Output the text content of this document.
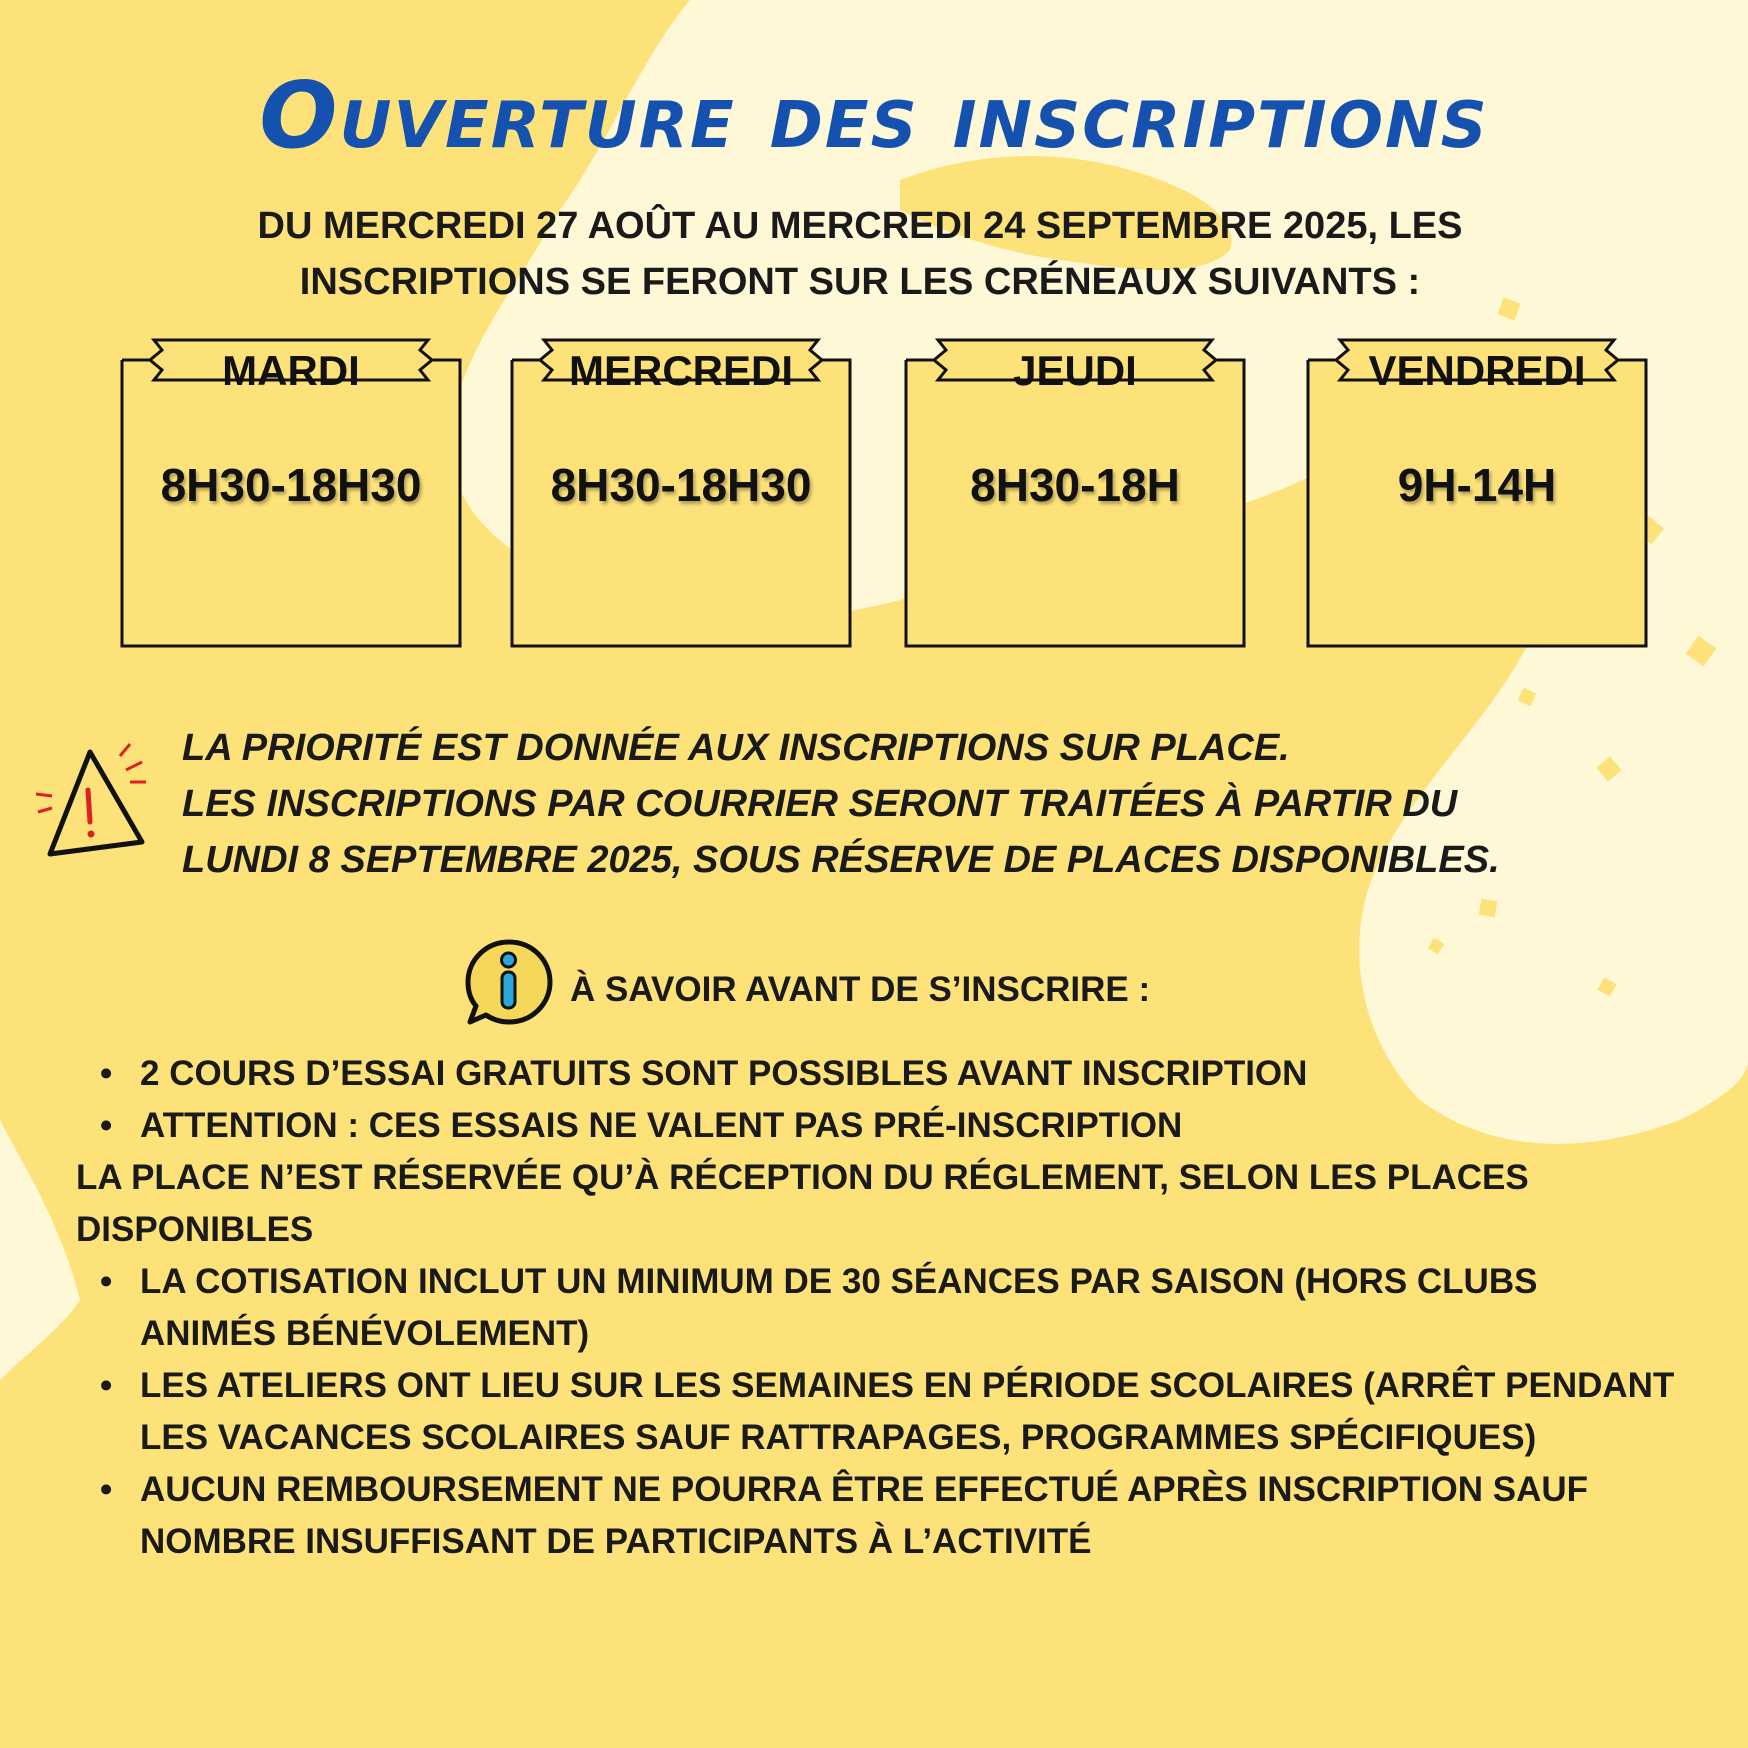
Ouverture des inscriptions
DU MERCREDI 27 AOÛT AU MERCREDI 24 SEPTEMBRE 2025, LES
INSCRIPTIONS SE FERONT SUR LES CRÉNEAUX SUIVANTS :
MARDI
8H30-18H30
MERCREDI
8H30-18H30
JEUDI
8H30-18H
VENDREDI
9H-14H
LA PRIORITÉ EST DONNÉE AUX INSCRIPTIONS SUR PLACE.
LES INSCRIPTIONS PAR COURRIER SERONT TRAITÉES À PARTIR DU
LUNDI 8 SEPTEMBRE 2025, SOUS RÉSERVE DE PLACES DISPONIBLES.
À SAVOIR AVANT DE S’INSCRIRE :
• 2 COURS D’ESSAI GRATUITS SONT POSSIBLES AVANT INSCRIPTION
• ATTENTION : CES ESSAIS NE VALENT PAS PRÉ-INSCRIPTION
LA PLACE N’EST RÉSERVÉE QU’À RÉCEPTION DU RÉGLEMENT, SELON LES PLACES DISPONIBLES
• LA COTISATION INCLUT UN MINIMUM DE 30 SÉANCES PAR SAISON (HORS CLUBS ANIMÉS BÉNÉVOLEMENT)
• LES ATELIERS ONT LIEU SUR LES SEMAINES EN PÉRIODE SCOLAIRES (ARRÊT PENDANT LES VACANCES SCOLAIRES SAUF RATTRAPAGES, PROGRAMMES SPÉCIFIQUES)
• AUCUN REMBOURSEMENT NE POURRA ÊTRE EFFECTUÉ APRÈS INSCRIPTION SAUF NOMBRE INSUFFISANT DE PARTICIPANTS À L’ACTIVITÉ
